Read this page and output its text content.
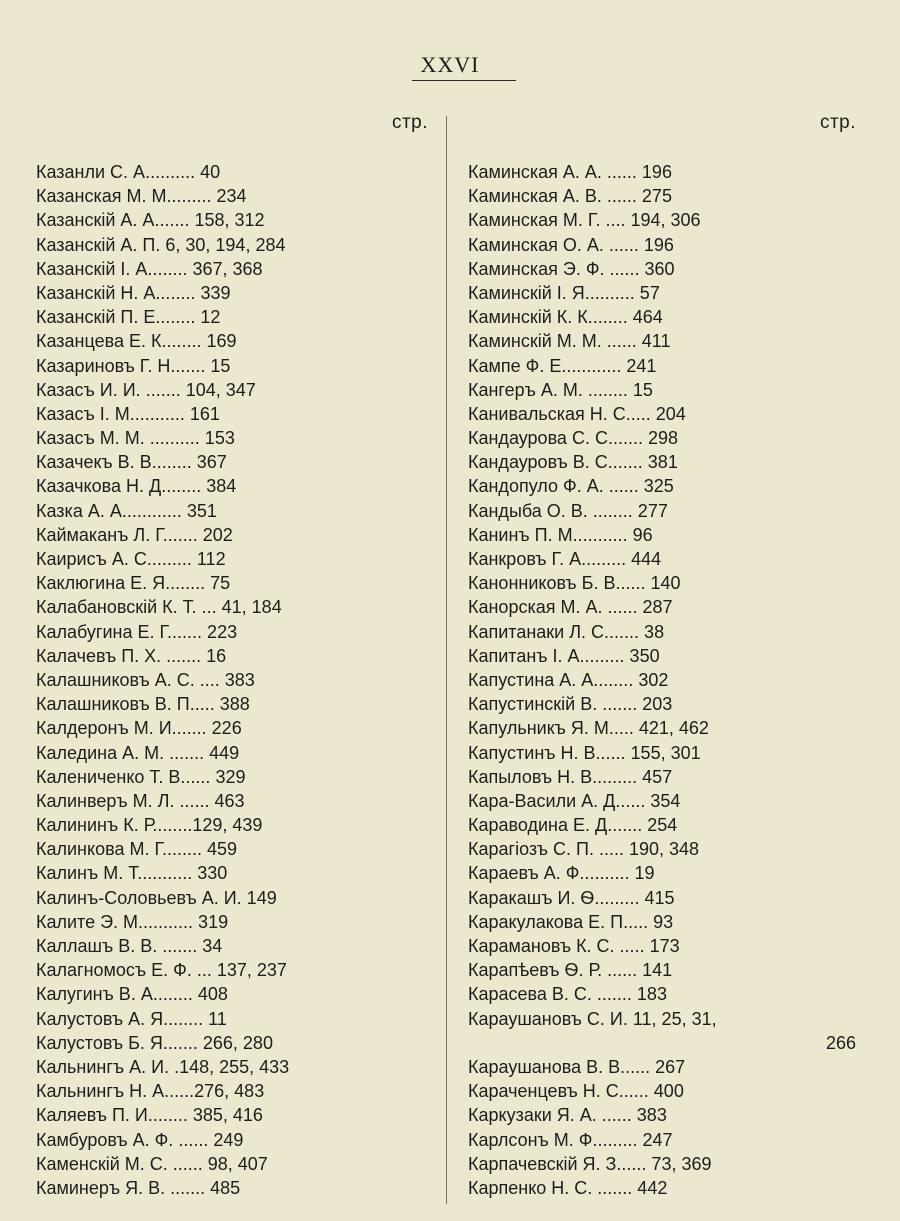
XXVI
стр.
Казанли С. А.......... 40
Казанская М. М......... 234
Казанскій А. А....... 158, 312
Казанскій А. П. 6, 30, 194, 284
Казанскій І. А........ 367, 368
Казанскій Н. А........ 339
Казанскій П. Е........ 12
Казанцева Е. К........ 169
Казариновъ Г. Н....... 15
Казасъ И. И. ....... 104, 347
Казасъ І. М........... 161
Казасъ М. М. .......... 153
Казачекъ В. В........ 367
Казачкова Н. Д........ 384
Казка А. А............ 351
Каймаканъ Л. Г....... 202
Каирисъ А. С......... 112
Каклюгина Е. Я........ 75
Калабановскій К. Т. ... 41, 184
Калабугина Е. Г....... 223
Калачевъ П. Х. ....... 16
Калашниковъ А. С. .... 383
Калашниковъ В. П..... 388
Калдеронъ М. И....... 226
Каледина А. М. ....... 449
Калениченко Т. В...... 329
Калинверъ М. Л. ...... 463
Калининъ К. Р........129, 439
Калинкова М. Г........ 459
Калинъ М. Т........... 330
Калинъ-Соловьевъ А. И. 149
Калите Э. М........... 319
Каллашъ В. В. ....... 34
Калагномосъ Е. Ф. ... 137, 237
Калугинъ В. А........ 408
Калустовъ А. Я........ 11
Калустовъ Б. Я....... 266, 280
Кальнингъ А. И. .148, 255, 433
Кальнингъ Н. А......276, 483
Каляевъ П. И........ 385, 416
Камбуровъ А. Ф. ...... 249
Каменскій М. С. ...... 98, 407
Каминеръ Я. В. ....... 485
стр.
Каминская А. А. ...... 196
Каминская А. В. ...... 275
Каминская М. Г. .... 194, 306
Каминская О. А. ...... 196
Каминская Э. Ф. ...... 360
Каминскій І. Я.......... 57
Каминскій К. К........ 464
Каминскій М. М. ...... 411
Кампе Ф. Е............ 241
Кангеръ А. М. ........ 15
Канивальская Н. С..... 204
Кандаурова С. С....... 298
Кандауровъ В. С....... 381
Кандопуло Ф. А. ...... 325
Кандыба О. В. ........ 277
Канинъ П. М........... 96
Канкровъ Г. А......... 444
Канонниковъ Б. В...... 140
Канорская М. А. ...... 287
Капитанаки Л. С....... 38
Капитанъ І. А......... 350
Капустина А. А........ 302
Капустинскій В. ....... 203
Капульникъ Я. М..... 421, 462
Капустинъ Н. В...... 155, 301
Капыловъ Н. В......... 457
Кара-Васили А. Д...... 354
Караводина Е. Д....... 254
Карагіозъ С. П. ..... 190, 348
Караевъ А. Ф.......... 19
Каракашъ И. Ѳ......... 415
Каракулакова Е. П..... 93
Карамановъ К. С. ..... 173
Карапѣевъ Ѳ. Р. ...... 141
Карасева В. С. ....... 183
Караушановъ С. И. 11, 25, 31,
266
Караушанова В. В...... 267
Караченцевъ Н. С...... 400
Каркузаки Я. А. ...... 383
Карлсонъ М. Ф......... 247
Карпачевскій Я. З...... 73, 369
Карпенко Н. С. ....... 442
